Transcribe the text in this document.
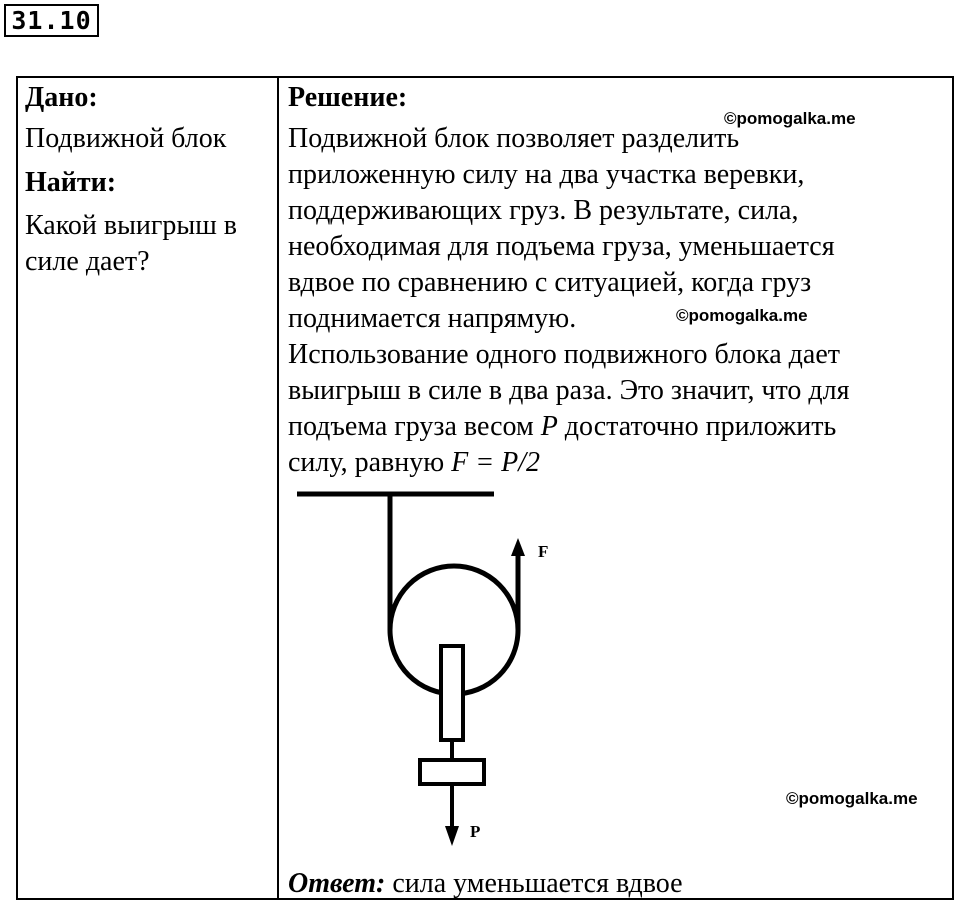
31.10
Дано:
Подвижной блок
Найти:
Какой выигрыш в
силе дает?
Решение:
Подвижной блок позволяет разделить
приложенную силу на два участка веревки,
поддерживающих груз. В результате, сила,
необходимая для подъема груза, уменьшается
вдвое по сравнению с ситуацией, когда груз
поднимается напрямую.
Использование одного подвижного блока дает
выигрыш в силе в два раза. Это значит, что для
подъема груза весом P достаточно приложить
силу, равную F = P/2
©pomogalka.me
©pomogalka.me
©pomogalka.me
F
P
Ответ: сила уменьшается вдвое
